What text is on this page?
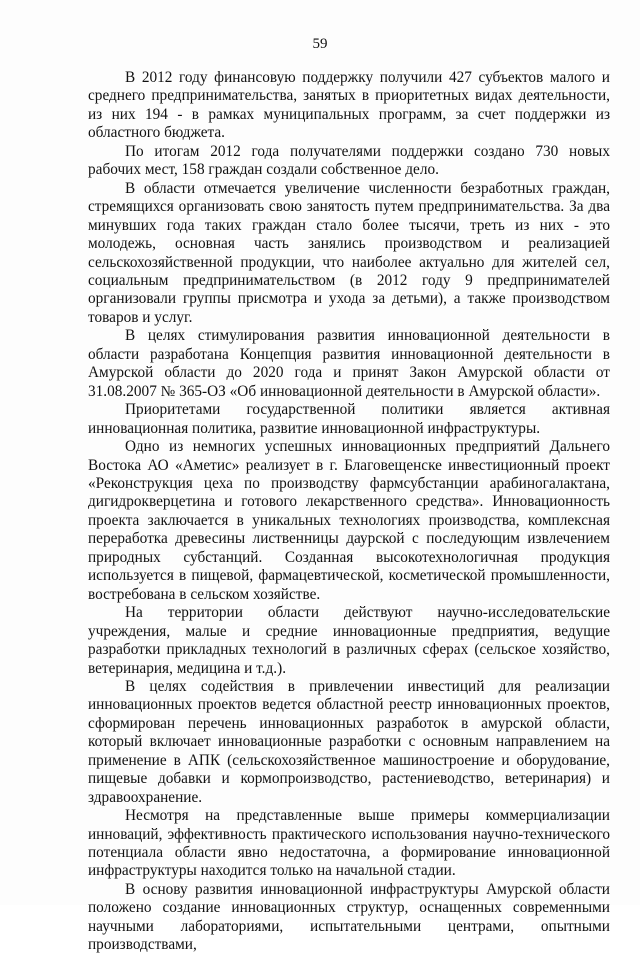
59

В 2012 году финансовую поддержку получили 427 субъектов малого и среднего предпринимательства, занятых в приоритетных видах деятельности, из них 194 - в рамках муниципальных программ, за счет поддержки из областного бюджета.

По итогам 2012 года получателями поддержки создано 730 новых рабочих мест, 158 граждан создали собственное дело.

В области отмечается увеличение численности безработных граждан, стремящихся организовать свою занятость путем предпринимательства. За два минувших года таких граждан стало более тысячи, треть из них - это молодежь, основная часть занялись производством и реализацией сельскохозяйственной продукции, что наиболее актуально для жителей сел, социальным предпринимательством (в 2012 году 9 предпринимателей организовали группы присмотра и ухода за детьми), а также производством товаров и услуг.

В целях стимулирования развития инновационной деятельности в области разработана Концепция развития инновационной деятельности в Амурской области до 2020 года и принят Закон Амурской области от 31.08.2007 № 365-ОЗ «Об инновационной деятельности в Амурской области».

Приоритетами государственной политики является активная инновационная политика, развитие инновационной инфраструктуры.

Одно из немногих успешных инновационных предприятий Дальнего Востока АО «Аметис» реализует в г. Благовещенске инвестиционный проект «Реконструкция цеха по производству фармсубстанции арабиногалактана, дигидрокверцетина и готового лекарственного средства». Инновационность проекта заключается в уникальных технологиях производства, комплексная переработка древесины лиственницы даурской с последующим извлечением природных субстанций. Созданная высокотехнологичная продукция используется в пищевой, фармацевтической, косметической промышленности, востребована в сельском хозяйстве.

На территории области действуют научно-исследовательские учреждения, малые и средние инновационные предприятия, ведущие разработки прикладных технологий в различных сферах (сельское хозяйство, ветеринария, медицина и т.д.).

В целях содействия в привлечении инвестиций для реализации инновационных проектов ведется областной реестр инновационных проектов, сформирован перечень инновационных разработок в амурской области, который включает инновационные разработки с основным направлением на применение в АПК (сельскохозяйственное машиностроение и оборудование, пищевые добавки и кормопроизводство, растениеводство, ветеринария) и здравоохранение.

Несмотря на представленные выше примеры коммерциализации инноваций, эффективность практического использования научно-технического потенциала области явно недостаточна, а формирование инновационной инфраструктуры находится только на начальной стадии.

В основу развития инновационной инфраструктуры Амурской области положено создание инновационных структур, оснащенных современными научными лабораториями, испытательными центрами, опытными производствами,
